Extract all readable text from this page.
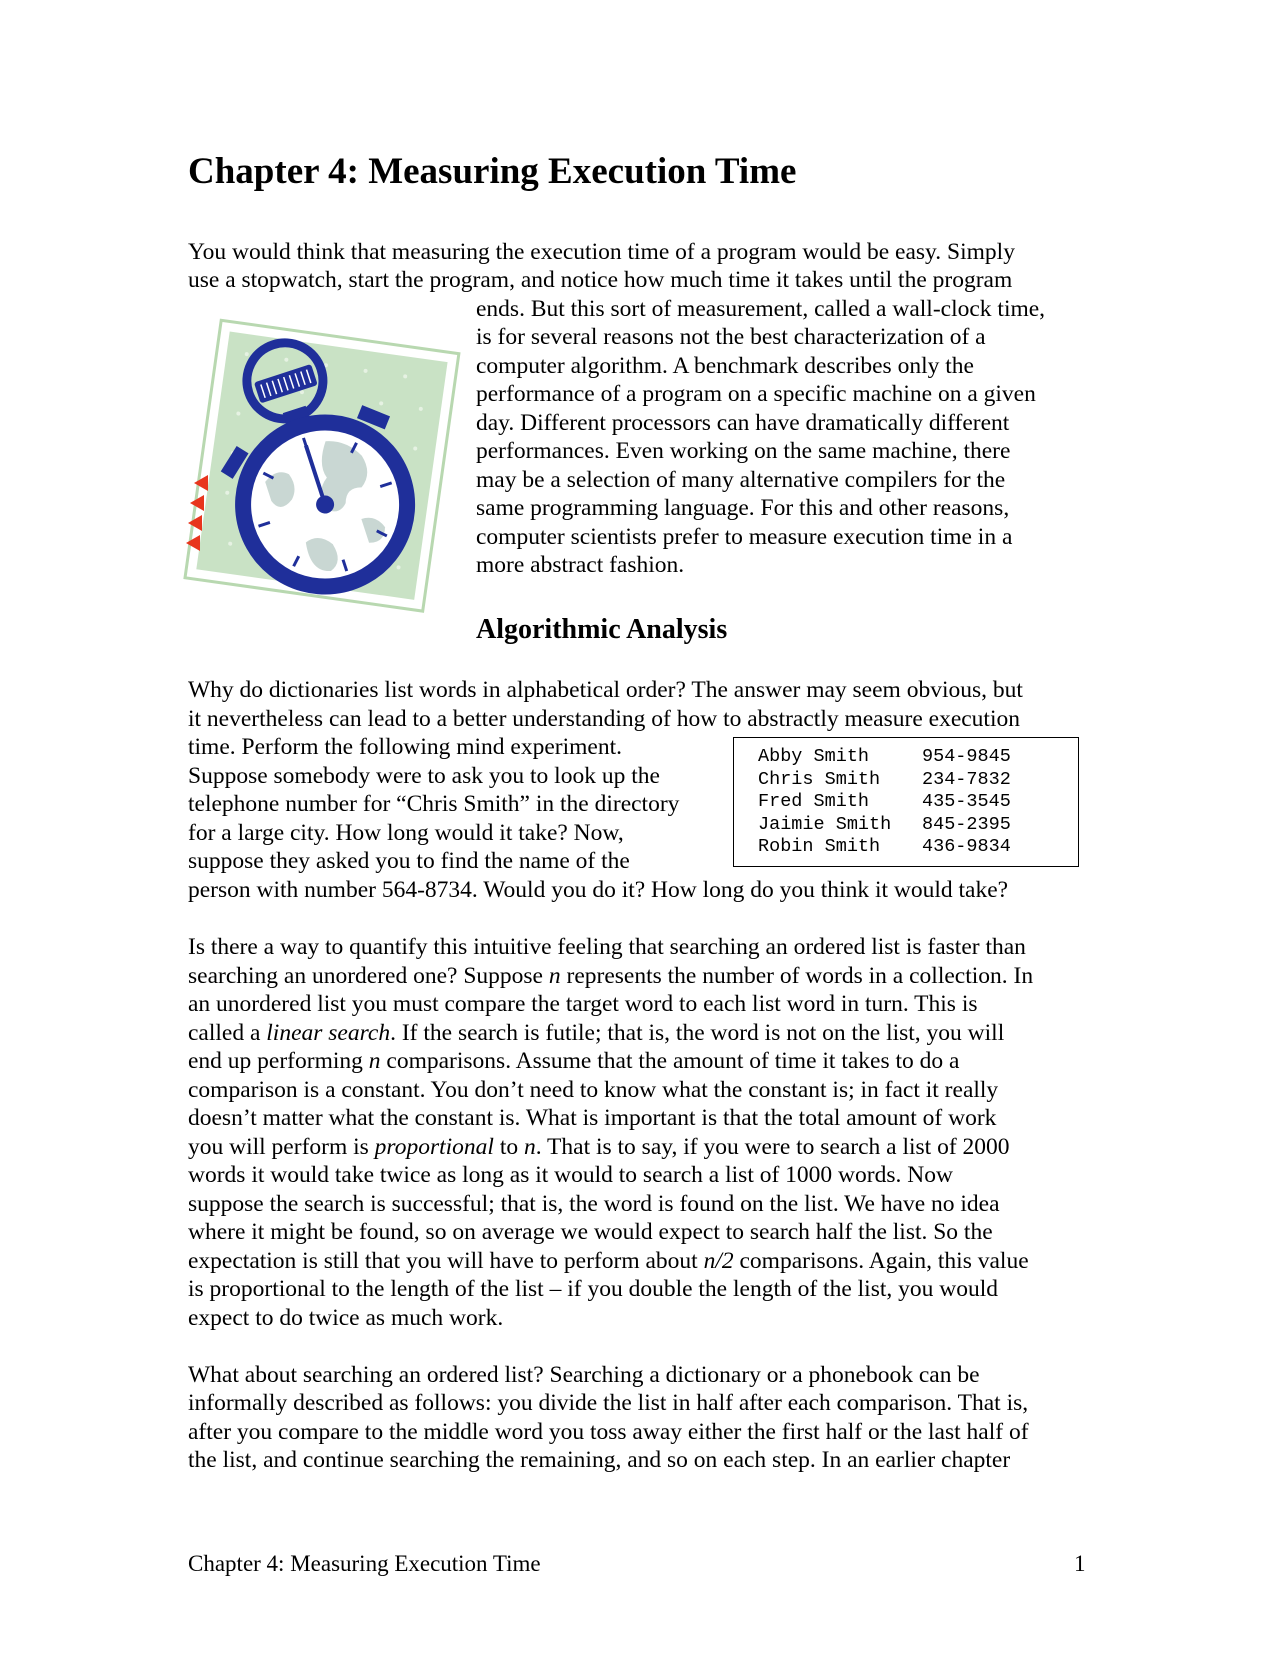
Chapter 4: Measuring Execution Time
You would think that measuring the execution time of a program would be easy. Simply
use a stopwatch, start the program, and notice how much time it takes until the program
ends. But this sort of measurement, called a wall-clock time,
is for several reasons not the best characterization of a
computer algorithm. A benchmark describes only the
performance of a program on a specific machine on a given
day. Different processors can have dramatically different
performances. Even working on the same machine, there
may be a selection of many alternative compilers for the
same programming language. For this and other reasons,
computer scientists prefer to measure execution time in a
more abstract fashion.
Algorithmic Analysis
Why do dictionaries list words in alphabetical order? The answer may seem obvious, but
it nevertheless can lead to a better understanding of how to abstractly measure execution
time. Perform the following mind experiment.
Suppose somebody were to ask you to look up the
telephone number for “Chris Smith” in the directory
for a large city. How long would it take? Now,
suppose they asked you to find the name of the
person with number 564-8734. Would you do it? How long do you think it would take?
Abby Smith	954-9845
Chris Smith	234-7832
Fred Smith	435-3545
Jaimie Smith	845-2395
Robin Smith	436-9834
Is there a way to quantify this intuitive feeling that searching an ordered list is faster than
searching an unordered one? Suppose n represents the number of words in a collection. In
an unordered list you must compare the target word to each list word in turn. This is
called a linear search. If the search is futile; that is, the word is not on the list, you will
end up performing n comparisons. Assume that the amount of time it takes to do a
comparison is a constant. You don’t need to know what the constant is; in fact it really
doesn’t matter what the constant is. What is important is that the total amount of work
you will perform is proportional to n. That is to say, if you were to search a list of 2000
words it would take twice as long as it would to search a list of 1000 words. Now
suppose the search is successful; that is, the word is found on the list. We have no idea
where it might be found, so on average we would expect to search half the list. So the
expectation is still that you will have to perform about n/2 comparisons. Again, this value
is proportional to the length of the list – if you double the length of the list, you would
expect to do twice as much work.
What about searching an ordered list? Searching a dictionary or a phonebook can be
informally described as follows: you divide the list in half after each comparison. That is,
after you compare to the middle word you toss away either the first half or the last half of
the list, and continue searching the remaining, and so on each step. In an earlier chapter
Chapter 4: Measuring Execution Time	1
